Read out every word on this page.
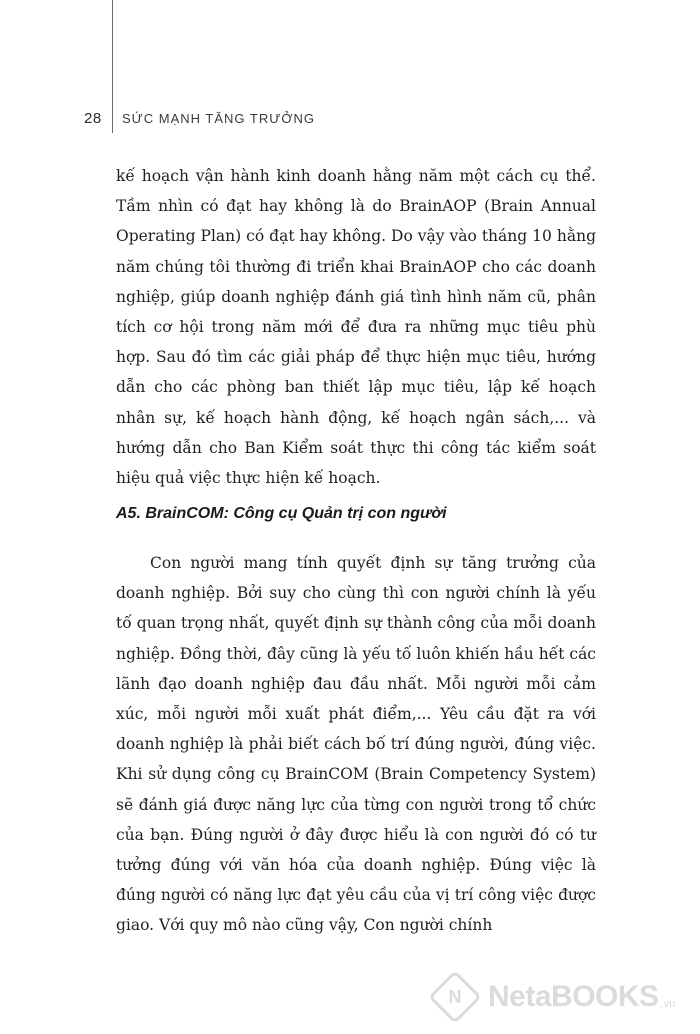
28 SỨC MẠNH TĂNG TRƯỞNG

kế hoạch vận hành kinh doanh hằng năm một cách cụ thể. Tầm nhìn có đạt hay không là do BrainAOP (Brain Annual Operating Plan) có đạt hay không. Do vậy vào tháng 10 hằng năm chúng tôi thường đi triển khai BrainAOP cho các doanh nghiệp, giúp doanh nghiệp đánh giá tình hình năm cũ, phân tích cơ hội trong năm mới để đưa ra những mục tiêu phù hợp. Sau đó tìm các giải pháp để thực hiện mục tiêu, hướng dẫn cho các phòng ban thiết lập mục tiêu, lập kế hoạch nhân sự, kế hoạch hành động, kế hoạch ngân sách,... và hướng dẫn cho Ban Kiểm soát thực thi công tác kiểm soát hiệu quả việc thực hiện kế hoạch.

A5. BrainCOM: Công cụ Quản trị con người

Con người mang tính quyết định sự tăng trưởng của doanh nghiệp. Bởi suy cho cùng thì con người chính là yếu tố quan trọng nhất, quyết định sự thành công của mỗi doanh nghiệp. Đồng thời, đây cũng là yếu tố luôn khiến hầu hết các lãnh đạo doanh nghiệp đau đầu nhất. Mỗi người mỗi cảm xúc, mỗi người mỗi xuất phát điểm,... Yêu cầu đặt ra với doanh nghiệp là phải biết cách bố trí đúng người, đúng việc. Khi sử dụng công cụ BrainCOM (Brain Competency System) sẽ đánh giá được năng lực của từng con người trong tổ chức của bạn. Đúng người ở đây được hiểu là con người đó có tư tưởng đúng với văn hóa của doanh nghiệp. Đúng việc là đúng người có năng lực đạt yêu cầu của vị trí công việc được giao. Với quy mô nào cũng vậy, Con người chính

N NetaBOOKS .vn
